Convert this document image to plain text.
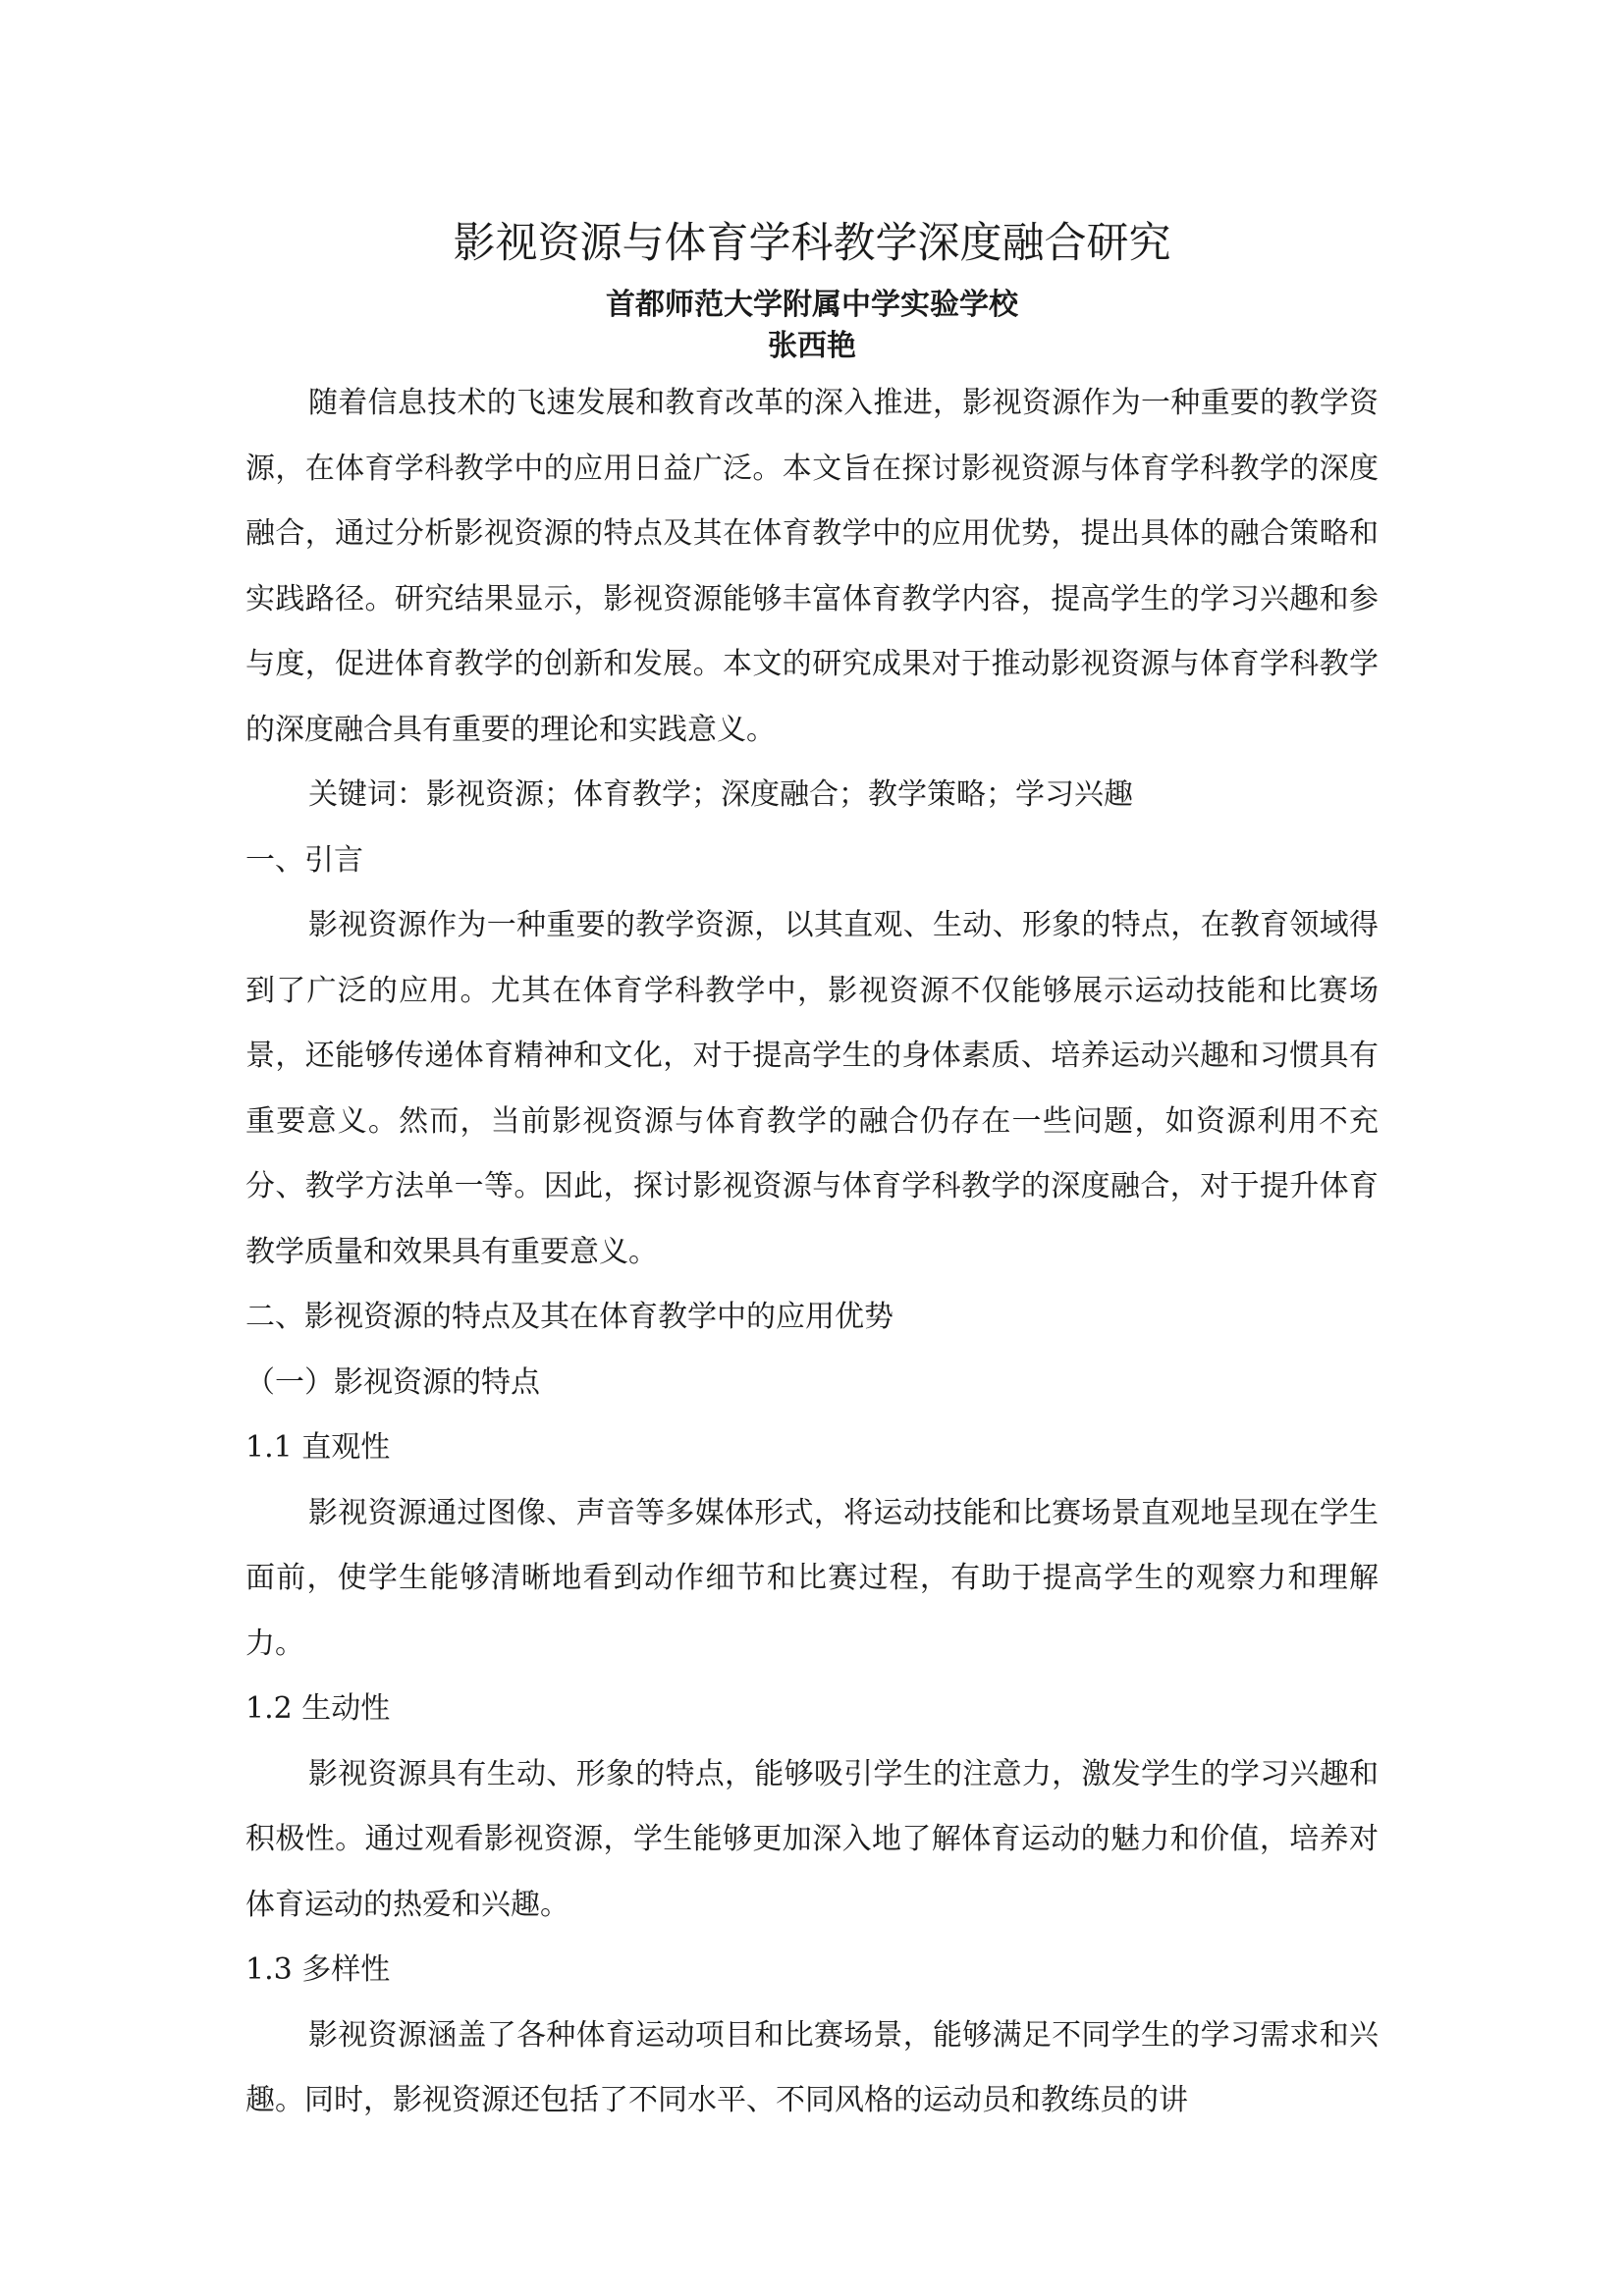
影视资源与体育学科教学深度融合研究
首都师范大学附属中学实验学校
张西艳

随着信息技术的飞速发展和教育改革的深入推进，影视资源作为一种重要的教学资源，在体育学科教学中的应用日益广泛。本文旨在探讨影视资源与体育学科教学的深度融合，通过分析影视资源的特点及其在体育教学中的应用优势，提出具体的融合策略和实践路径。研究结果显示，影视资源能够丰富体育教学内容，提高学生的学习兴趣和参与度，促进体育教学的创新和发展。本文的研究成果对于推动影视资源与体育学科教学的深度融合具有重要的理论和实践意义。

关键词：影视资源；体育教学；深度融合；教学策略；学习兴趣

一、引言

影视资源作为一种重要的教学资源，以其直观、生动、形象的特点，在教育领域得到了广泛的应用。尤其在体育学科教学中，影视资源不仅能够展示运动技能和比赛场景，还能够传递体育精神和文化，对于提高学生的身体素质、培养运动兴趣和习惯具有重要意义。然而，当前影视资源与体育教学的融合仍存在一些问题，如资源利用不充分、教学方法单一等。因此，探讨影视资源与体育学科教学的深度融合，对于提升体育教学质量和效果具有重要意义。

二、影视资源的特点及其在体育教学中的应用优势

（一）影视资源的特点

1.1 直观性

影视资源通过图像、声音等多媒体形式，将运动技能和比赛场景直观地呈现在学生面前，使学生能够清晰地看到动作细节和比赛过程，有助于提高学生的观察力和理解力。

1.2 生动性

影视资源具有生动、形象的特点，能够吸引学生的注意力，激发学生的学习兴趣和积极性。通过观看影视资源，学生能够更加深入地了解体育运动的魅力和价值，培养对体育运动的热爱和兴趣。

1.3 多样性

影视资源涵盖了各种体育运动项目和比赛场景，能够满足不同学生的学习需求和兴趣。同时，影视资源还包括了不同水平、不同风格的运动员和教练员的讲
